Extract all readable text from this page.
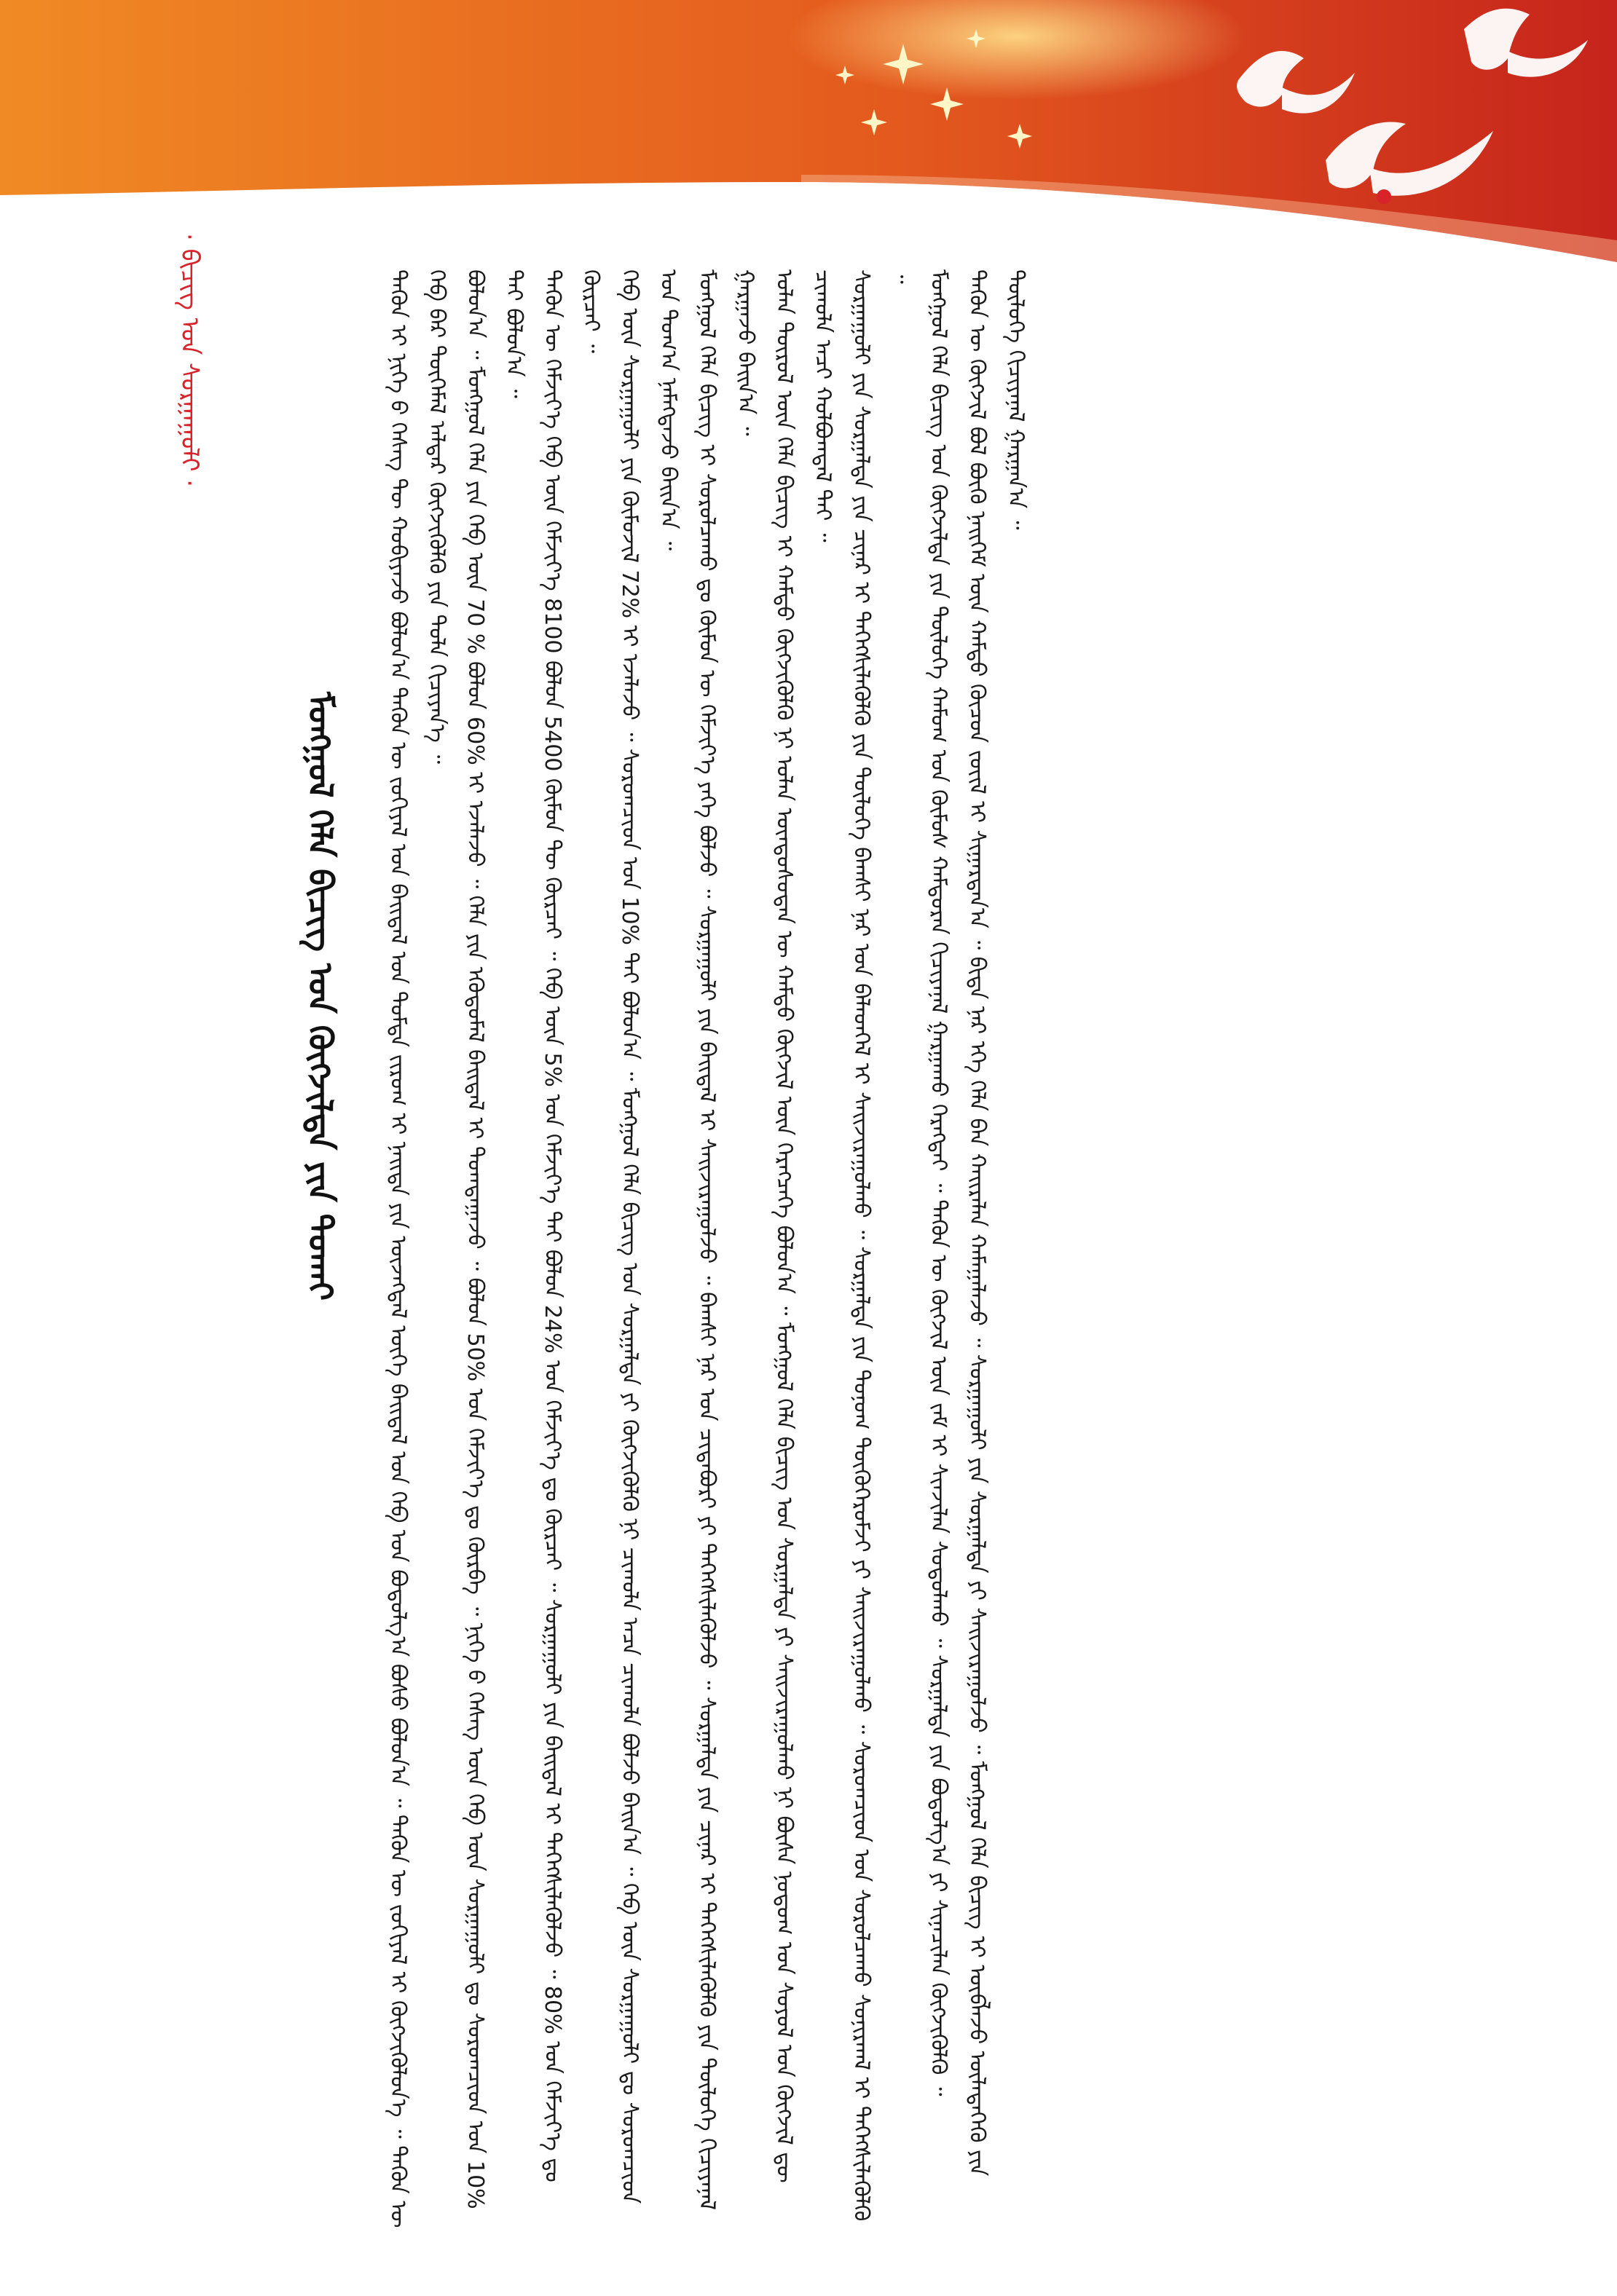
· ᠪᠢᠴᠢᠭ᠌ ᠤᠨ ᠰᠤᠷᠭᠠᠭᠤᠯᠢ ·
ᠮᠣᠩᠭᠣᠯ ᠬᠡᠯᠡ ᠪᠢᠴᠢᠭ᠌ ᠤᠨ ᠬᠥᠭᠵᠢᠯᠲᠡ ᠶᠢᠨ ᠲᠤᠬᠠᠢ	ᠲᠡᠭᠦᠨ ᠢ ᠨᠢᠭᠡ ᠪ ᠬᠡᠰᠡᠭ ᠲᠦ ᠬᠤᠪᠢᠶᠠᠵᠤ ᠪᠣᠯᠣᠨ᠎ᠠ ᠲᠡᠭᠦᠨ ᠦ ᠵᠣᠬᠢᠶᠠᠯ ᠤᠨ ᠪᠠᠢᠳᠠᠯ ᠤᠨ ᠳᠤᠮᠳᠠ ᠵᠢᠷᠤᠭ ᠢ ᠨᠡᠢᠲᠡ ᠶᠢᠨ ᠦᠵᠡᠭᠳᠡᠯ ᠦᠭᠡ ᠪᠠᠢᠳᠠᠯ ᠤᠨ ᠬᠡᠪ ᠤᠨ ᠪᠣᠳᠤᠯᠭ᠎ᠠ ᠪᠤᠰᠤ ᠪᠣᠯᠤᠨ᠎ᠠ ᠃ ᠲᠡᠭᠦᠨ ᠦ ᠵᠣᠬᠢᠶᠠᠯ ᠢ ᠬᠦᠭᠵᠢᠭᠦᠯᠦᠨ᠎ᠡ ᠃ ᠲᠡᠭᠦᠨ ᠦ ᠬᠡᠪ ᠪᠡᠷ ᠲᠦᠭᠡᠮᠡᠯ ᠠᠯᠳᠠᠷ ᠬᠦᠭᠵᠢᠭᠦᠯᠬᠦ ᠶᠢᠨ ᠲᠤᠯᠠ ᠬᠢᠴᠢᠶᠡᠨ᠎ᠡ ᠃ ᠪᠣᠯᠤᠨ᠎ᠠ ᠃ ᠮᠣᠩᠭᠣᠯ ᠬᠡᠯᠡ ᠶᠢᠨ ᠬᠡᠪ ᠦᠨ 70 % ᠪᠣᠯᠤᠨ 60% ᠢ ᠡᠵᠡᠯᠡᠵᠦ ᠃ ᠬᠡᠯᠡ ᠶᠢᠨ ᠡᠭᠦᠳᠦᠮᠡᠯ ᠪᠠᠢᠳᠠᠯ ᠢ ᠲᠣᠭᠲᠠᠭᠠᠵᠤ ᠃ ᠪᠣᠯᠤᠨ 50% ᠤᠨ ᠬᠡᠮᠵᠢᠶ᠎ᠡ ᠳᠤ ᠬᠦᠷᠪᠡ ᠃ ᠨᠢᠭᠡ ᠪ ᠬᠡᠰᠡᠭ ᠦᠨ ᠬᠡᠪ ᠦᠨ ᠰᠤᠷᠭᠠᠭᠤᠯᠢ ᠳᠤ ᠰᠤᠷᠤᠭᠴᠢᠳ ᠤᠨ 10% ᠲᠡᠢ ᠪᠣᠯᠤᠨ᠎ᠠ ᠃ ᠲᠡᠭᠦᠨ ᠦ ᠬᠡᠮᠵᠢᠶ᠎ᠡ ᠬᠡᠪ ᠦᠨ ᠬᠡᠮᠵᠢᠶ᠎ᠡ 8100 ᠪᠣᠯᠤᠨ 5400 ᠬᠦᠮᠦᠨ ᠲᠦ ᠬᠦᠷᠴᠡᠢ ᠃ ᠬᠡᠪ ᠦᠨ 5% ᠤᠨ ᠬᠡᠮᠵᠢᠶ᠎ᠡ ᠲᠡᠢ ᠪᠣᠯᠤᠨ 24% ᠤᠨ ᠬᠡᠮᠵᠢᠶ᠎ᠡ ᠳᠤ ᠬᠦᠷᠴᠡᠢ ᠃ ᠰᠤᠷᠭᠠᠭᠤᠯᠢ ᠶᠢᠨ ᠪᠠᠢᠳᠠᠯ ᠢ ᠳᠡᠭᠡᠭᠰᠢᠯᠡᠭᠦᠯᠵᠦ ᠃ 80% ᠤᠨ ᠬᠡᠮᠵᠢᠶ᠎ᠡ ᠳᠤ ᠬᠦᠷᠴᠡᠢ ᠃ ᠬᠡᠪ ᠦᠨ ᠰᠤᠷᠭᠠᠭᠤᠯᠢ ᠶᠢᠨ ᠬᠦᠮᠦᠵᠢᠯ 72% ᠢ ᠡᠵᠡᠯᠡᠵᠦ ᠃ ᠰᠤᠷᠤᠭᠴᠢᠳ ᠤᠨ 10% ᠲᠡᠢ ᠪᠣᠯᠤᠨ᠎ᠠ ᠃ ᠮᠣᠩᠭᠣᠯ ᠬᠡᠯᠡ ᠪᠢᠴᠢᠭ᠌ ᠤᠨ ᠰᠤᠷᠭᠠᠯᠲᠠ ᠶᠢ ᠬᠦᠭᠵᠢᠭᠦᠯᠬᠦ ᠨᠢ ᠴᠢᠬᠤᠯᠠ ᠠᠴᠠ ᠴᠢᠬᠤᠯᠠ ᠪᠣᠯᠵᠤ ᠪᠠᠢᠨ᠎ᠠ ᠃ ᠬᠡᠪ ᠦᠨ ᠰᠤᠷᠭᠠᠭᠤᠯᠢ ᠳᠤ ᠰᠤᠷᠤᠭᠴᠢᠳ ᠤᠨ ᠲᠣᠭ᠎ᠠ ᠨᠡᠮᠡᠭᠳᠡᠵᠦ ᠪᠠᠢᠨ᠎ᠠ ᠃ ᠮᠣᠩᠭᠣᠯ ᠬᠡᠯᠡ ᠪᠢᠴᠢᠭ᠌ ᠢ ᠰᠤᠷᠤᠯᠴᠠᠬᠤ ᠳᠤ ᠬᠦᠮᠦᠨ ᠦ ᠬᠡᠮᠵᠢᠶ᠎ᠡ ᠶᠡᠬᠡ ᠪᠣᠯᠵᠤ ᠃ ᠰᠤᠷᠭᠠᠭᠤᠯᠢ ᠶᠢᠨ ᠪᠠᠢᠳᠠᠯ ᠢ ᠰᠠᠢᠵᠢᠷᠠᠭᠤᠯᠵᠤ ᠃ ᠪᠠᠭᠰᠢ ᠨᠠᠷ ᠤᠨ ᠴᠢᠳᠠᠪᠤᠷᠢ ᠶᠢ ᠳᠡᠭᠡᠭᠰᠢᠯᠡᠭᠦᠯᠵᠦ ᠃ ᠰᠤᠷᠭᠠᠯᠲᠠ ᠶᠢᠨ ᠴᠢᠨᠠᠷ ᠢ ᠳᠡᠭᠡᠭᠰᠢᠯᠡᠭᠦᠯᠬᠦ ᠶᠢᠨ ᠲᠥᠯᠦᠭᠡ ᠬᠢᠴᠢᠶᠡᠨᠡᠯ ᠭᠠᠷᠭᠠᠵᠤ ᠪᠠᠢᠨ᠎ᠠ ᠃ ᠣᠯᠠᠨ ᠲᠥᠷᠥᠯ ᠦᠨ ᠬᠡᠯᠡ ᠪᠢᠴᠢᠭ᠌ ᠢ ᠬᠠᠮᠲᠤ ᠬᠥᠭᠵᠢᠭᠦᠯᠬᠦ ᠨᠢ ᠣᠯᠠᠨ ᠦᠨᠳᠦᠰᠦᠲᠡᠨ ᠦ ᠬᠠᠮᠲᠤ ᠬᠥᠭᠵᠢᠯ ᠦᠨ ᠬᠡᠷᠡᠭᠴᠡᠭᠡ ᠪᠣᠯᠤᠨ᠎ᠠ ᠃ ᠮᠣᠩᠭᠣᠯ ᠬᠡᠯᠡ ᠪᠢᠴᠢᠭ᠌ ᠤᠨ ᠰᠤᠷᠭᠠᠯᠲᠠ ᠶᠢ ᠰᠠᠢᠵᠢᠷᠠᠭᠤᠯᠬᠤ ᠨᠢ ᠪᠦᠰᠡ ᠨᠤᠲᠤᠭ ᠤᠨ ᠰᠣᠶᠣᠯ ᠤᠨ ᠬᠥᠭᠵᠢᠯ ᠳᠦ ᠴᠢᠬᠤᠯᠠ ᠠᠴᠢ ᠬᠣᠯᠪᠣᠭᠳᠠᠯ ᠲᠠᠢ ᠃ ᠰᠤᠷᠭᠠᠭᠤᠯᠢ ᠶᠢᠨ ᠰᠤᠷᠭᠠᠯᠲᠠ ᠶᠢᠨ ᠴᠢᠨᠠᠷ ᠢ ᠳᠡᠭᠡᠭᠰᠢᠯᠡᠭᠦᠯᠬᠦ ᠶᠢᠨ ᠲᠥᠯᠦᠭᠡ ᠪᠠᠭᠰᠢ ᠨᠠᠷ ᠤᠨ ᠪᠡᠯᠡᠳᠬᠡᠯ ᠢ ᠰᠠᠢᠵᠢᠷᠠᠭᠤᠯᠬᠤ ᠃ ᠰᠤᠷᠭᠠᠯᠲᠠ ᠶᠢᠨ ᠲᠣᠨᠣᠭ ᠲᠥᠬᠥᠭᠡᠷᠦᠮᠵᠢ ᠶᠢ ᠰᠠᠢᠵᠢᠷᠠᠭᠤᠯᠬᠤ ᠃ ᠰᠤᠷᠤᠭᠴᠢᠳ ᠤᠨ ᠰᠤᠷᠤᠯᠴᠠᠬᠤ ᠰᠣᠨᠢᠷᠬᠠᠯ ᠢ ᠳᠡᠭᠡᠭᠰᠢᠯᠡᠭᠦᠯᠬᠦ ᠃ ᠮᠣᠩᠭᠣᠯ ᠬᠡᠯᠡ ᠪᠢᠴᠢᠭ᠌ ᠤᠨ ᠬᠥᠭᠵᠢᠯᠲᠡ ᠶᠢᠨ ᠲᠥᠯᠦᠭᠡ ᠬᠠᠮᠤᠭ ᠤᠨ ᠬᠦᠮᠦᠰ ᠬᠠᠮᠲᠤᠷᠠᠨ ᠬᠢᠴᠢᠶᠡᠨᠡᠯ ᠭᠠᠷᠭᠠᠬᠤ ᠬᠡᠷᠡᠭᠲᠡᠢ ᠃ ᠲᠡᠭᠦᠨ ᠦ ᠬᠥᠭᠵᠢᠯ ᠦᠨ ᠵᠠᠮ ᠢ ᠰᠢᠨᠵᠢᠯᠡᠨ ᠰᠤᠳᠤᠯᠬᠤ ᠃ ᠰᠤᠷᠭᠠᠯᠲᠠ ᠶᠢᠨ ᠪᠣᠳᠤᠯᠭ᠎ᠠ ᠶᠢ ᠰᠢᠨᠡᠴᠢᠯᠡᠨ ᠬᠥᠭᠵᠢᠭᠦᠯᠬᠦ ᠃ ᠲᠡᠭᠦᠨ ᠦ ᠬᠥᠭᠵᠢᠯ ᠪᠣᠯ ᠪᠦᠬᠦ ᠨᠡᠢᠭᠡᠮ ᠦᠨ ᠬᠠᠮᠲᠤ ᠬᠦᠴᠦᠨ ᠵᠦᠢᠯ ᠢ ᠰᠢᠭᠠᠷᠳᠠᠨ᠎ᠠ ᠃ ᠪᠢᠳᠡ ᠨᠡᠷ ᠡᠬᠡ ᠬᠡᠯᠡ ᠪᠡᠨ ᠬᠠᠢᠷᠠᠯᠠᠨ ᠬᠠᠮᠠᠭᠠᠯᠠᠵᠤ ᠃ ᠰᠤᠷᠭᠠᠭᠤᠯᠢ ᠶᠢᠨ ᠰᠤᠷᠭᠠᠯᠲᠠ ᠶᠢ ᠰᠠᠢᠵᠢᠷᠠᠭᠤᠯᠵᠤ ᠃ ᠮᠣᠩᠭᠣᠯ ᠬᠡᠯᠡ ᠪᠢᠴᠢᠭ᠌ ᠢ ᠥᠪᠯᠡᠵᠦ ᠦᠯᠡᠳᠡᠭᠡᠬᠦ ᠶᠢᠨ ᠲᠥᠯᠦᠭᠡ ᠬᠢᠴᠢᠶᠡᠨᠡᠯ ᠭᠠᠷᠭᠠᠨ᠎ᠠ ᠃
